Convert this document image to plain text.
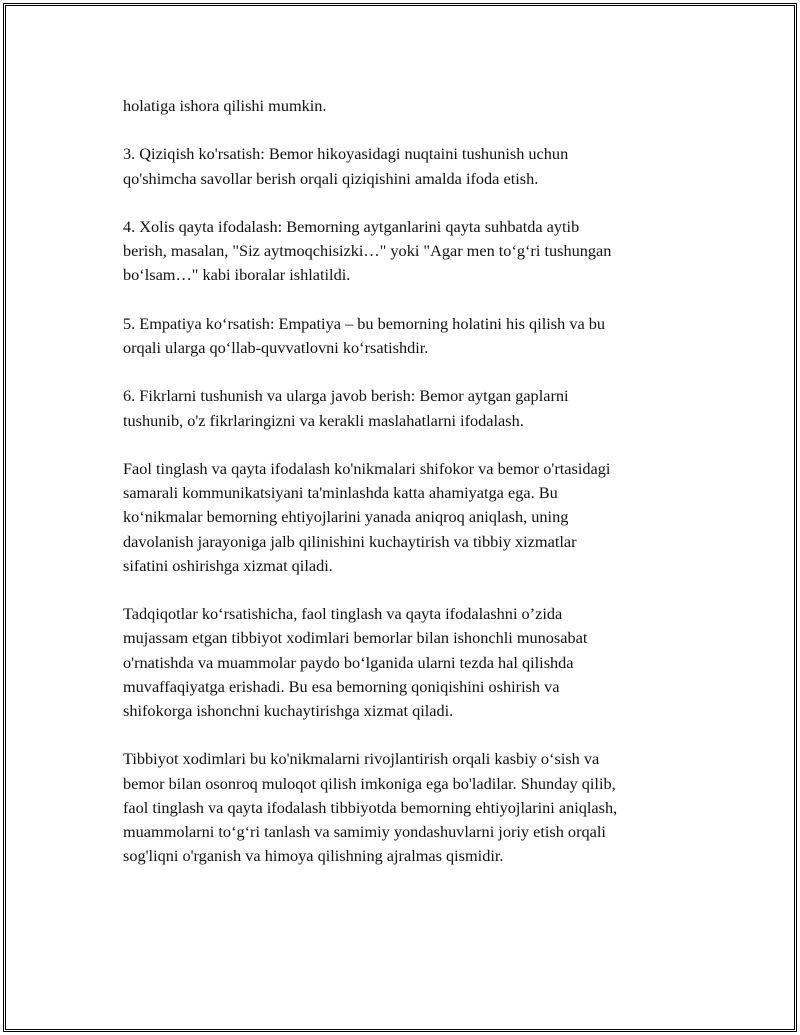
holatiga ishora qilishi mumkin.
3. Qiziqish ko'rsatish: Bemor hikoyasidagi nuqtaini tushunish uchun
qo'shimcha savollar berish orqali qiziqishini amalda ifoda etish.
4. Xolis qayta ifodalash: Bemorning aytganlarini qayta suhbatda aytib
berish, masalan, "Siz aytmoqchisizki…" yoki "Agar men to‘g‘ri tushungan
bo‘lsam…" kabi iboralar ishlatildi.
5. Empatiya ko‘rsatish: Empatiya – bu bemorning holatini his qilish va bu
orqali ularga qo‘llab-quvvatlovni ko‘rsatishdir.
6. Fikrlarni tushunish va ularga javob berish: Bemor aytgan gaplarni
tushunib, o'z fikrlaringizni va kerakli maslahatlarni ifodalash.
Faol tinglash va qayta ifodalash ko'nikmalari shifokor va bemor o'rtasidagi
samarali kommunikatsiyani ta'minlashda katta ahamiyatga ega. Bu
ko‘nikmalar bemorning ehtiyojlarini yanada aniqroq aniqlash, uning
davolanish jarayoniga jalb qilinishini kuchaytirish va tibbiy xizmatlar
sifatini oshirishga xizmat qiladi.
Tadqiqotlar ko‘rsatishicha, faol tinglash va qayta ifodalashni o’zida
mujassam etgan tibbiyot xodimlari bemorlar bilan ishonchli munosabat
o'rnatishda va muammolar paydo bo‘lganida ularni tezda hal qilishda
muvaffaqiyatga erishadi. Bu esa bemorning qoniqishini oshirish va
shifokorga ishonchni kuchaytirishga xizmat qiladi.
Tibbiyot xodimlari bu ko'nikmalarni rivojlantirish orqali kasbiy o‘sish va
bemor bilan osonroq muloqot qilish imkoniga ega bo'ladilar. Shunday qilib,
faol tinglash va qayta ifodalash tibbiyotda bemorning ehtiyojlarini aniqlash,
muammolarni to‘g‘ri tanlash va samimiy yondashuvlarni joriy etish orqali
sog'liqni o'rganish va himoya qilishning ajralmas qismidir.
